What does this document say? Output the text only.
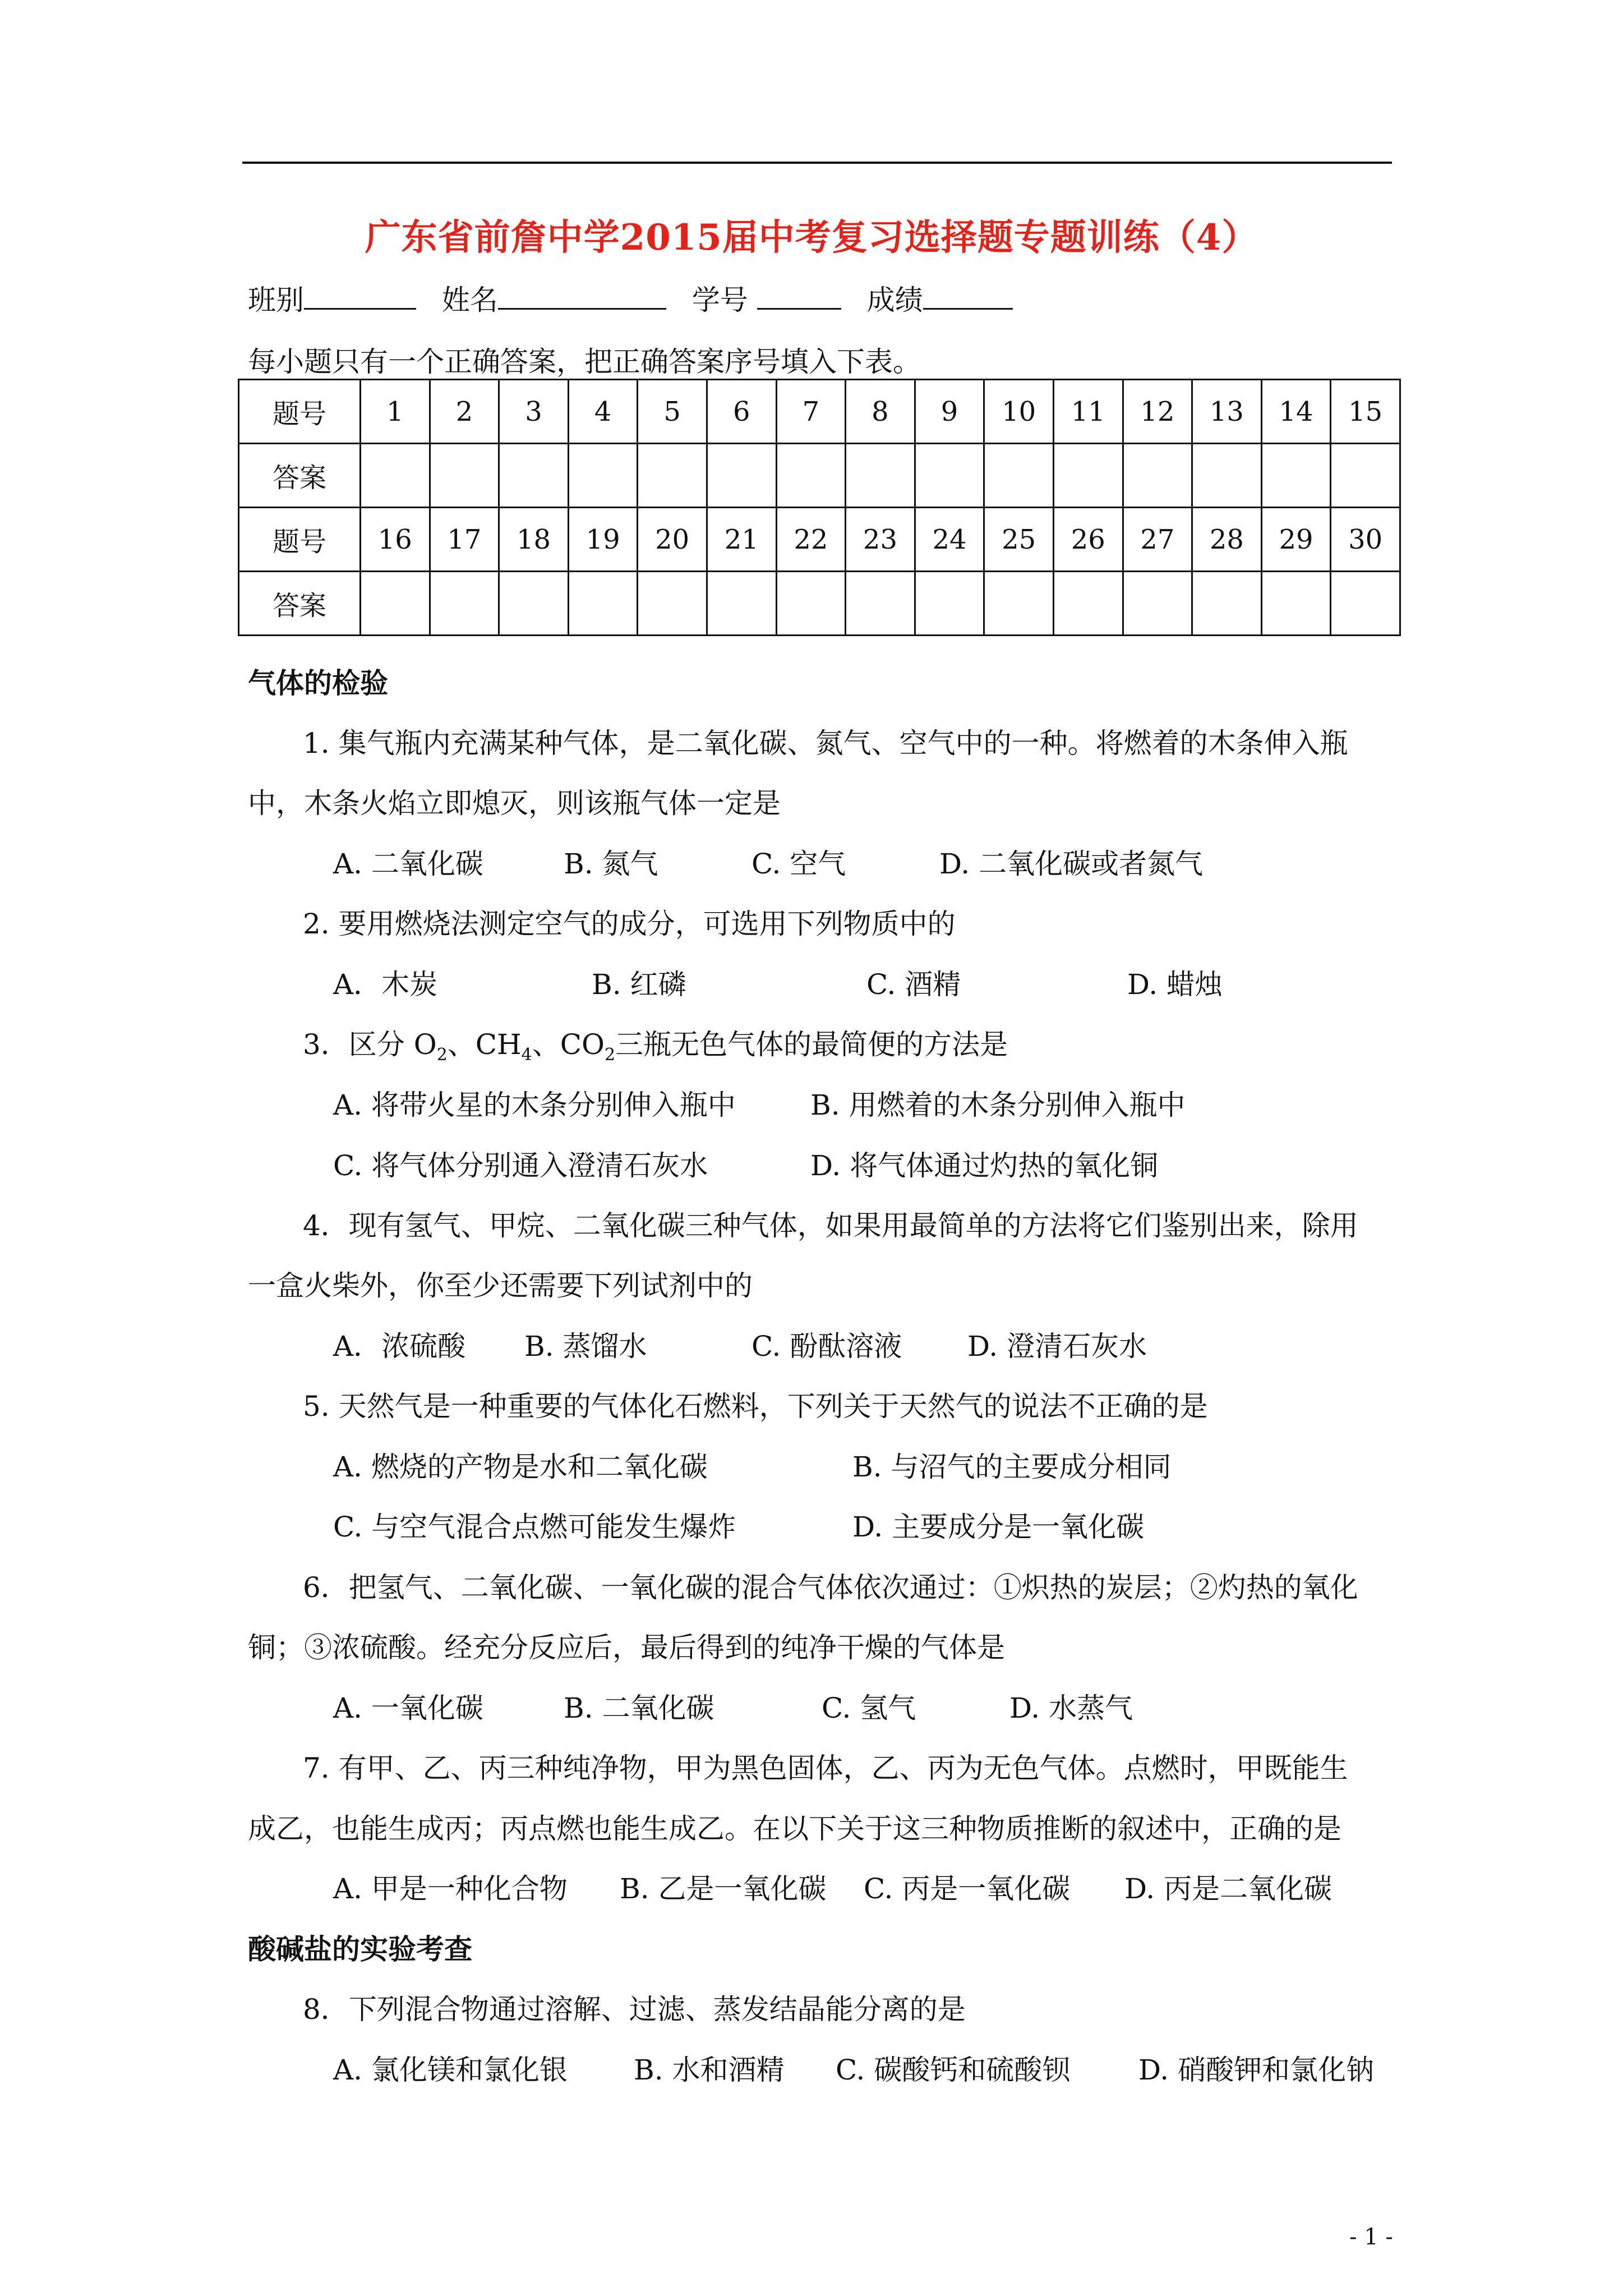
广东省前詹中学2015届中考复习选择题专题训练（4）
班别	姓名	学号	成绩
每小题只有一个正确答案，把正确答案序号填入下表。
题号	1	2	3	4	5	6	7	8	9	10	11	12	13	14	15
答案															
题号	16	17	18	19	20	21	22	23	24	25	26	27	28	29	30
答案															
气体的检验
1. 集气瓶内充满某种气体，是二氧化碳、氮气、空气中的一种。将燃着的木条伸入瓶
中，木条火焰立即熄灭，则该瓶气体一定是
A. 二氧化碳	B. 氮气	C. 空气	D. 二氧化碳或者氮气
2. 要用燃烧法测定空气的成分，可选用下列物质中的
A．木炭	B. 红磷	C. 酒精	D. 蜡烛
3．区分 $O_2$、$CH_4$、$CO_2$三瓶无色气体的最简便的方法是
A. 将带火星的木条分别伸入瓶中	B. 用燃着的木条分别伸入瓶中
C. 将气体分别通入澄清石灰水	D. 将气体通过灼热的氧化铜
4．现有氢气、甲烷、二氧化碳三种气体，如果用最简单的方法将它们鉴别出来，除用
一盒火柴外，你至少还需要下列试剂中的
A．浓硫酸 B. 蒸馏水	C. 酚酞溶液 D. 澄清石灰水
5. 天然气是一种重要的气体化石燃料，下列关于天然气的说法不正确的是
A. 燃烧的产物是水和二氧化碳	B. 与沼气的主要成分相同
C. 与空气混合点燃可能发生爆炸	D. 主要成分是一氧化碳
6．把氢气、二氧化碳、一氧化碳的混合气体依次通过：①炽热的炭层；②灼热的氧化
铜；③浓硫酸。经充分反应后，最后得到的纯净干燥的气体是
A. 一氧化碳	B. 二氧化碳	C. 氢气	D. 水蒸气
7. 有甲、乙、丙三种纯净物，甲为黑色固体，乙、丙为无色气体。点燃时，甲既能生
成乙，也能生成丙；丙点燃也能生成乙。在以下关于这三种物质推断的叙述中，正确的是
A. 甲是一种化合物 B. 乙是一氧化碳 C. 丙是一氧化碳 D. 丙是二氧化碳
酸碱盐的实验考查
8．下列混合物通过溶解、过滤、蒸发结晶能分离的是
A. 氯化镁和氯化银 B. 水和酒精 C. 碳酸钙和硫酸钡 D. 硝酸钾和氯化钠
- 1 -
